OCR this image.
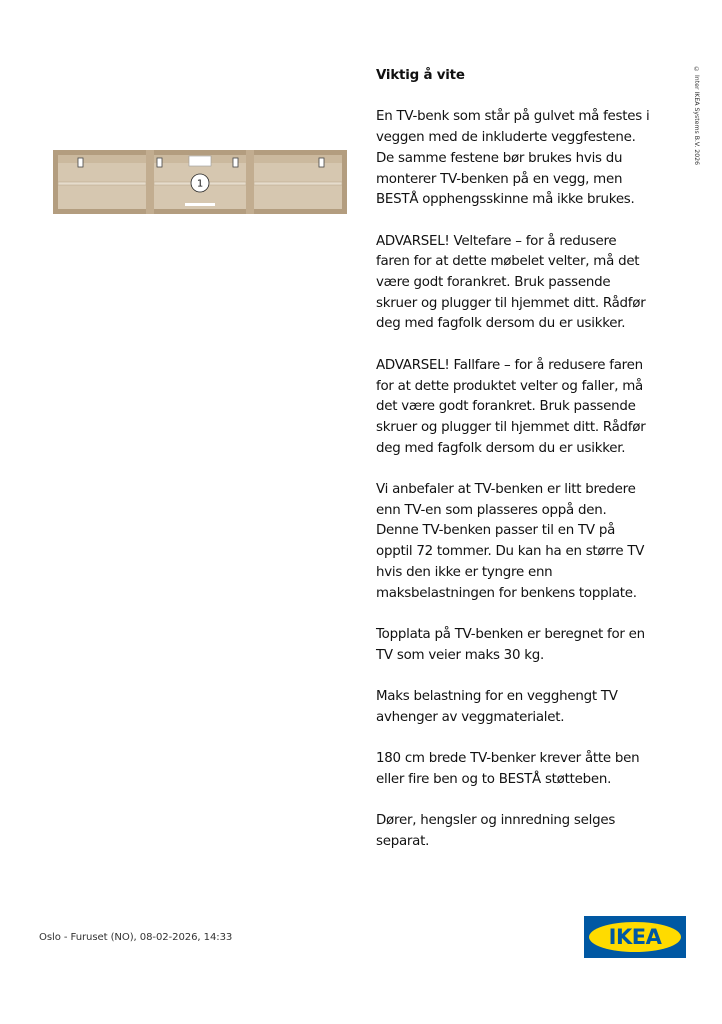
1
Viktig å vite

En TV-benk som står på gulvet må festes i
veggen med de inkluderte veggfestene.
De samme festene bør brukes hvis du
monterer TV-benken på en vegg, men
BESTÅ opphengsskinne må ikke brukes.

ADVARSEL! Veltefare – for å redusere
faren for at dette møbelet velter, må det
være godt forankret. Bruk passende
skruer og plugger til hjemmet ditt. Rådfør
deg med fagfolk dersom du er usikker.

ADVARSEL! Fallfare – for å redusere faren
for at dette produktet velter og faller, må
det være godt forankret. Bruk passende
skruer og plugger til hjemmet ditt. Rådfør
deg med fagfolk dersom du er usikker.

Vi anbefaler at TV-benken er litt bredere
enn TV-en som plasseres oppå den.
Denne TV-benken passer til en TV på
opptil 72 tommer. Du kan ha en større TV
hvis den ikke er tyngre enn
maksbelastningen for benkens topplate.

Topplata på TV-benken er beregnet for en
TV som veier maks 30 kg.

Maks belastning for en vegghengt TV
avhenger av veggmaterialet.

180 cm brede TV-benker krever åtte ben
eller fire ben og to BESTÅ støtteben.

Dører, hengsler og innredning selges
separat.

© Inter IKEA Systems B.V. 2026
Oslo - Furuset (NO), 08-02-2026, 14:33	IKEA
